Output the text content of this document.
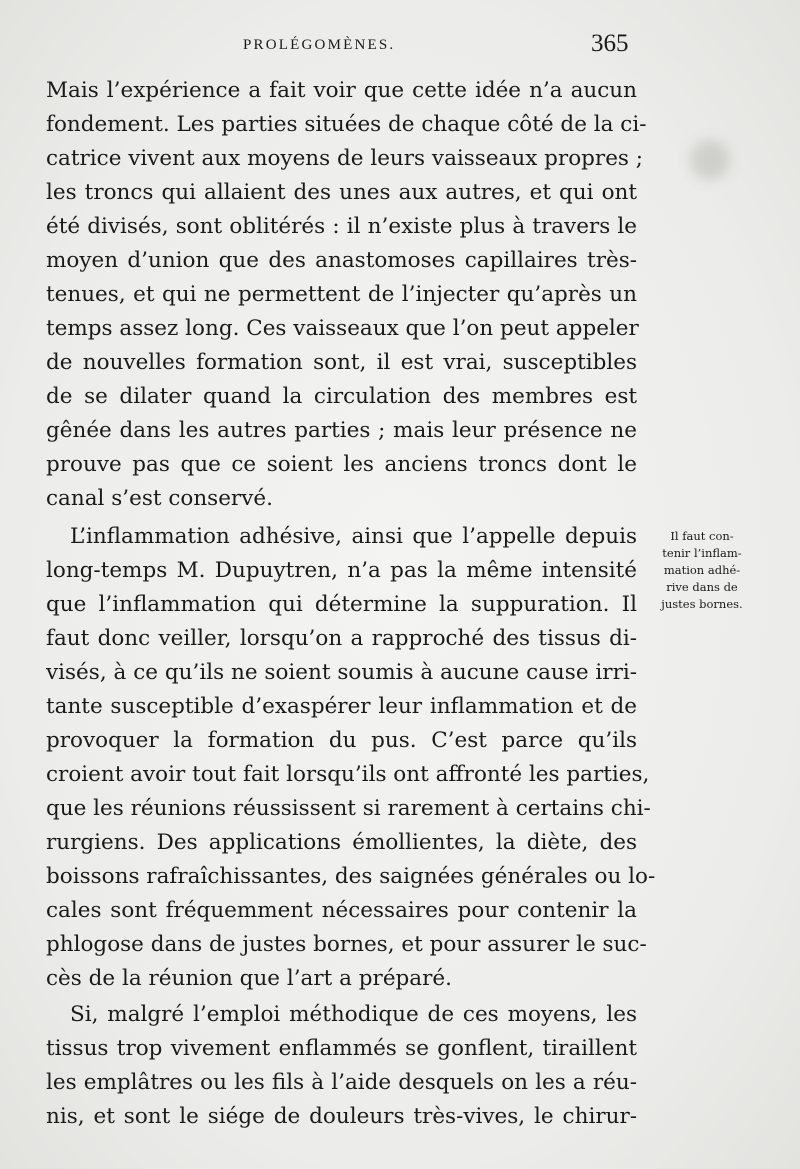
PROLÉGOMÈNES.	365
Mais l’expérience a fait voir que cette idée n’a aucun
fondement. Les parties situées de chaque côté de la ci-
catrice vivent aux moyens de leurs vaisseaux propres ;
les troncs qui allaient des unes aux autres, et qui ont
été divisés, sont oblitérés : il n’existe plus à travers le
moyen d’union que des anastomoses capillaires très-
tenues, et qui ne permettent de l’injecter qu’après un
temps assez long. Ces vaisseaux que l’on peut appeler
de nouvelles formation sont, il est vrai, susceptibles
de se dilater quand la circulation des membres est
gênée dans les autres parties ; mais leur présence ne
prouve pas que ce soient les anciens troncs dont le
canal s’est conservé.
L’inflammation adhésive, ainsi que l’appelle depuis
long-temps M. Dupuytren, n’a pas la même intensité
que l’inflammation qui détermine la suppuration. Il
faut donc veiller, lorsqu’on a rapproché des tissus di-
visés, à ce qu’ils ne soient soumis à aucune cause irri-
tante susceptible d’exaspérer leur inflammation et de
provoquer la formation du pus. C’est parce qu’ils
croient avoir tout fait lorsqu’ils ont affronté les parties,
que les réunions réussissent si rarement à certains chi-
rurgiens. Des applications émollientes, la diète, des
boissons rafraîchissantes, des saignées générales ou lo-
cales sont fréquemment nécessaires pour contenir la
phlogose dans de justes bornes, et pour assurer le suc-
cès de la réunion que l’art a préparé.
Si, malgré l’emploi méthodique de ces moyens, les
tissus trop vivement enflammés se gonflent, tiraillent
les emplâtres ou les fils à l’aide desquels on les a réu-
nis, et sont le siége de douleurs très-vives, le chirur-
Il faut con-
tenir l’inflam-
mation adhé-
rive dans de
justes bornes.
